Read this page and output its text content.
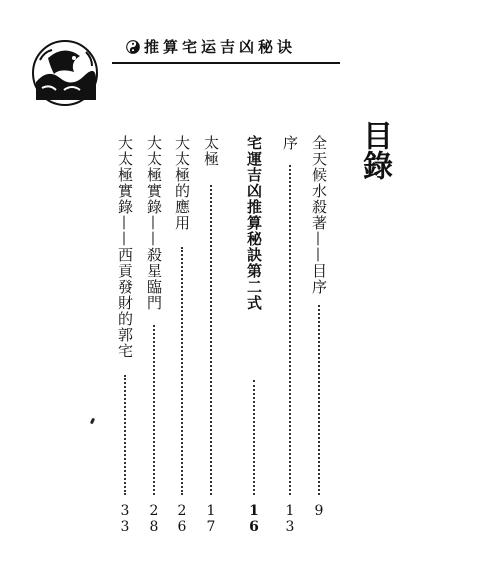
推算宅运吉凶秘诀
目錄
全天候水殺著——目序
9
序
13
宅運吉凶推算秘訣第二式
16
太極
17
大太極的應用
26
大太極實錄——殺星臨門
28
大太極實錄——西貢發財的郭宅
33
